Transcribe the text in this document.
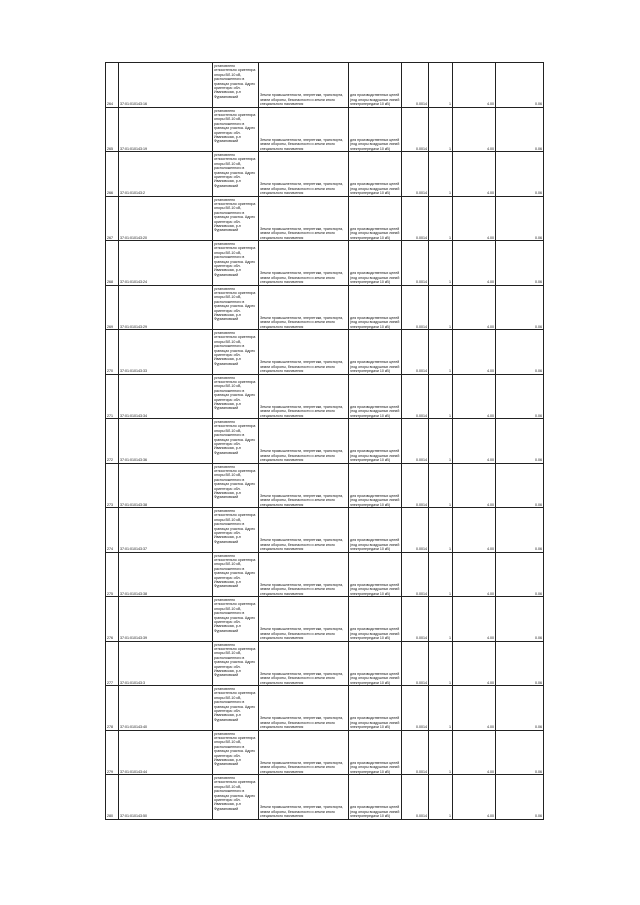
264	37:01:010143:16	установлено относительно ориентира опоры ВЛ-10 кВ, расположенного в границах участка. Адрес ориентира: обл. Ивановская, р-н Фурмановский	Земли промышленности, энергетики, транспорта, земли обороны, безопасности и земли иного специального назначения	для производственных целей (под опоры воздушных линий электропередачи 10 кВ)	0.0014	1	4.00	0.06
265	37:01:010143:19	установлено относительно ориентира опоры ВЛ-10 кВ, расположенного в границах участка. Адрес ориентира: обл. Ивановская, р-н Фурмановский	Земли промышленности, энергетики, транспорта, земли обороны, безопасности и земли иного специального назначения	для производственных целей (под опоры воздушных линий электропередачи 10 кВ)	0.0014	1	4.00	0.06
266	37:01:010143:2	установлено относительно ориентира опоры ВЛ-10 кВ, расположенного в границах участка. Адрес ориентира: обл. Ивановская, р-н Фурмановский	Земли промышленности, энергетики, транспорта, земли обороны, безопасности и земли иного специального назначения	для производственных целей (под опоры воздушных линий электропередачи 10 кВ)	0.0014	1	4.00	0.06
267	37:01:010143:20	установлено относительно ориентира опоры ВЛ-10 кВ, расположенного в границах участка. Адрес ориентира: обл. Ивановская, р-н Фурмановский	Земли промышленности, энергетики, транспорта, земли обороны, безопасности и земли иного специального назначения	для производственных целей (под опоры воздушных линий электропередачи 10 кВ)	0.0014	1	4.00	0.06
268	37:01:010143:24	установлено относительно ориентира опоры ВЛ-10 кВ, расположенного в границах участка. Адрес ориентира: обл. Ивановская, р-н Фурмановский	Земли промышленности, энергетики, транспорта, земли обороны, безопасности и земли иного специального назначения	для производственных целей (под опоры воздушных линий электропередачи 10 кВ)	0.0014	1	4.00	0.06
269	37:01:010143:29	установлено относительно ориентира опоры ВЛ-10 кВ, расположенного в границах участка. Адрес ориентира: обл. Ивановская, р-н Фурмановский	Земли промышленности, энергетики, транспорта, земли обороны, безопасности и земли иного специального назначения	для производственных целей (под опоры воздушных линий электропередачи 10 кВ)	0.0014	1	4.00	0.06
270	37:01:010143:33	установлено относительно ориентира опоры ВЛ-10 кВ, расположенного в границах участка. Адрес ориентира: обл. Ивановская, р-н Фурмановский	Земли промышленности, энергетики, транспорта, земли обороны, безопасности и земли иного специального назначения	для производственных целей (под опоры воздушных линий электропередачи 10 кВ)	0.0014	1	4.00	0.06
271	37:01:010143:34	установлено относительно ориентира опоры ВЛ-10 кВ, расположенного в границах участка. Адрес ориентира: обл. Ивановская, р-н Фурмановский	Земли промышленности, энергетики, транспорта, земли обороны, безопасности и земли иного специального назначения	для производственных целей (под опоры воздушных линий электропередачи 10 кВ)	0.0014	1	4.00	0.06
272	37:01:010143:36	установлено относительно ориентира опоры ВЛ-10 кВ, расположенного в границах участка. Адрес ориентира: обл. Ивановская, р-н Фурмановский	Земли промышленности, энергетики, транспорта, земли обороны, безопасности и земли иного специального назначения	для производственных целей (под опоры воздушных линий электропередачи 10 кВ)	0.0014	1	4.00	0.06
273	37:01:010143:38	установлено относительно ориентира опоры ВЛ-10 кВ, расположенного в границах участка. Адрес ориентира: обл. Ивановская, р-н Фурмановский	Земли промышленности, энергетики, транспорта, земли обороны, безопасности и земли иного специального назначения	для производственных целей (под опоры воздушных линий электропередачи 10 кВ)	0.0014	1	4.00	0.06
274	37:01:010143:37	установлено относительно ориентира опоры ВЛ-10 кВ, расположенного в границах участка. Адрес ориентира: обл. Ивановская, р-н Фурмановский	Земли промышленности, энергетики, транспорта, земли обороны, безопасности и земли иного специального назначения	для производственных целей (под опоры воздушных линий электропередачи 10 кВ)	0.0014	1	4.00	0.06
275	37:01:010143:38	установлено относительно ориентира опоры ВЛ-10 кВ, расположенного в границах участка. Адрес ориентира: обл. Ивановская, р-н Фурмановский	Земли промышленности, энергетики, транспорта, земли обороны, безопасности и земли иного специального назначения	для производственных целей (под опоры воздушных линий электропередачи 10 кВ)	0.0014	1	4.00	0.06
276	37:01:010143:39	установлено относительно ориентира опоры ВЛ-10 кВ, расположенного в границах участка. Адрес ориентира: обл. Ивановская, р-н Фурмановский	Земли промышленности, энергетики, транспорта, земли обороны, безопасности и земли иного специального назначения	для производственных целей (под опоры воздушных линий электропередачи 10 кВ)	0.0014	1	4.00	0.06
277	37:01:010143:3	установлено относительно ориентира опоры ВЛ-10 кВ, расположенного в границах участка. Адрес ориентира: обл. Ивановская, р-н Фурмановский	Земли промышленности, энергетики, транспорта, земли обороны, безопасности и земли иного специального назначения	для производственных целей (под опоры воздушных линий электропередачи 10 кВ)	0.0014	1	4.00	0.06
278	37:01:010143:40	установлено относительно ориентира опоры ВЛ-10 кВ, расположенного в границах участка. Адрес ориентира: обл. Ивановская, р-н Фурмановский	Земли промышленности, энергетики, транспорта, земли обороны, безопасности и земли иного специального назначения	для производственных целей (под опоры воздушных линий электропередачи 10 кВ)	0.0014	1	4.00	0.06
279	37:01:010143:44	установлено относительно ориентира опоры ВЛ-10 кВ, расположенного в границах участка. Адрес ориентира: обл. Ивановская, р-н Фурмановский	Земли промышленности, энергетики, транспорта, земли обороны, безопасности и земли иного специального назначения	для производственных целей (под опоры воздушных линий электропередачи 10 кВ)	0.0014	1	4.00	0.06
280	37:01:010143:50	установлено относительно ориентира опоры ВЛ-10 кВ, расположенного в границах участка. Адрес ориентира: обл. Ивановская, р-н Фурмановский	Земли промышленности, энергетики, транспорта, земли обороны, безопасности и земли иного специального назначения	для производственных целей (под опоры воздушных линий электропередачи 10 кВ)	0.0014	1	4.00	0.06
